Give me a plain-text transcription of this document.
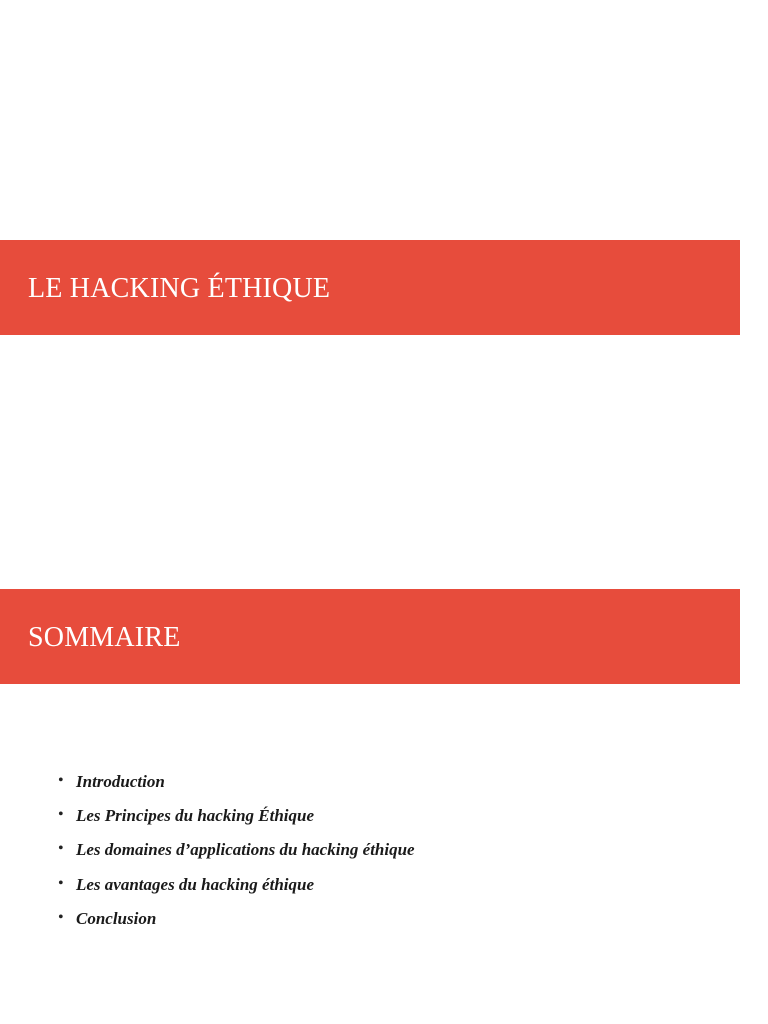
LE HACKING ÉTHIQUE
SOMMAIRE
• Introduction
• Les Principes du hacking Éthique
• Les domaines d’applications du hacking éthique
• Les avantages du hacking éthique
• Conclusion
